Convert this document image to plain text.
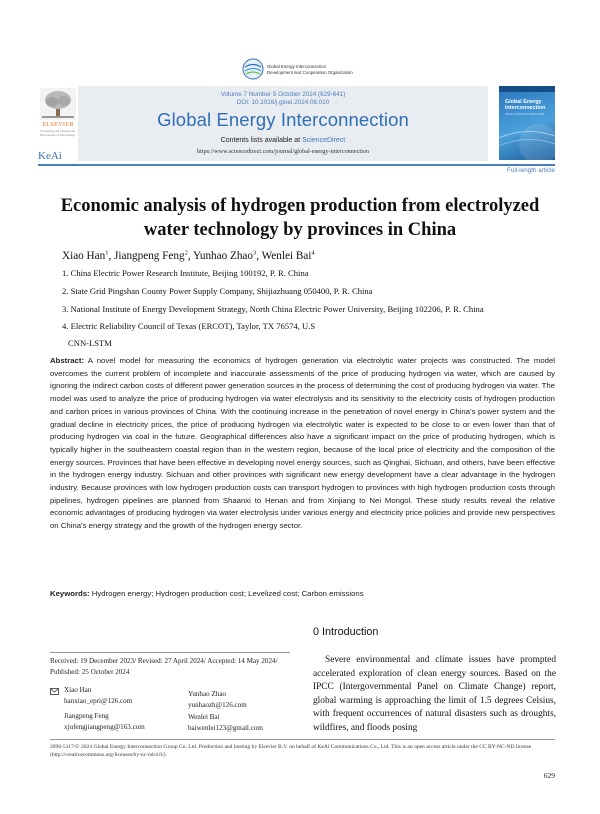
Global Energy Interconnection
Development and Cooperation Organization
ELSEVIER
Producing and Sharing the Discoveries of Knowledge
KeAi
Volume 7 Number 5 October 2024 (629-641)
DOI: 10.1016/j.gloei.2024.08.010
Global Energy Interconnection
Contents lists available at ScienceDirect
https://www.sciencedirect.com/journal/global-energy-interconnection
Global Energy Interconnection
Volume 7 Number 5 October 2024
Full-length article
Economic analysis of hydrogen production from electrolyzed water technology by provinces in China
Xiao Han$^1$, Jiangpeng Feng$^2$, Yunhao Zhao$^3$, Wenlei Bai$^4$
1. China Electric Power Research Institute, Beijing 100192, P. R. China
2. State Grid Pingshan County Power Supply Company, Shijiazhuang 050400, P. R. China
3. National Institute of Energy Development Strategy, North China Electric Power University, Beijing 102206, P. R. China
4. Electric Reliability Council of Texas (ERCOT), Taylor, TX 76574, U.S
CNN-LSTM
Abstract: A novel model for measuring the economics of hydrogen generation via electrolytic water projects was constructed. The model overcomes the current problem of incomplete and inaccurate assessments of the price of producing hydrogen via water, which are caused by ignoring the indirect carbon costs of different power generation sources in the process of determining the cost of producing hydrogen via water. The model was used to analyze the price of producing hydrogen via water electrolysis and its sensitivity to the electricity costs of hydrogen production and carbon prices in various provinces of China. With the continuing increase in the penetration of novel energy in China’s power system and the gradual decline in electricity prices, the price of producing hydrogen via electrolytic water is expected to be close to or even lower than that of producing hydrogen via coal in the future. Geographical differences also have a significant impact on the price of producing hydrogen, which is typically higher in the southeastern coastal region than in the western region, because of the local price of electricity and the composition of the energy sources. Provinces that have been effective in developing novel energy sources, such as Qinghai, Sichuan, and others, have been effective in the hydrogen energy industry. Sichuan and other provinces with significant new energy development have a clear advantage in the hydrogen industry. Because provinces with low hydrogen production costs can transport hydrogen to provinces with high hydrogen production costs through pipelines, hydrogen pipelines are planned from Shaanxi to Henan and from Xinjiang to Nei Mongol. These study results reveal the relative economic advantages of producing hydrogen via water electrolysis under various energy and electricity price policies and provide new perspectives on China’s energy strategy and the growth of the hydrogen energy sector.
Keywords: Hydrogen energy; Hydrogen production cost; Levelized cost; Carbon emissions
Received: 19 December 2023/ Revised: 27 April 2024/ Accepted: 14 May 2024/ Published: 25 October 2024
Xiao Han
hanxiao_epri@126.com
Yunhao Zhao
yunhaozh@126.com
Jiangpeng Feng
xjufengjiangpeng@163.com
Wenlei Bai
baiwenlei123@gmail.com
0 Introduction
Severe environmental and climate issues have prompted accelerated exploration of clean energy sources. Based on the IPCC (Intergovernmental Panel on Climate Change) report, global warming is approaching the limit of 1.5 degrees Celsius, with frequent occurrences of natural disasters such as droughts, wildfires, and floods posing
2096-5117/© 2024 Global Energy Interconnection Group Co. Ltd. Production and hosting by Elsevier B.V. on behalf of KeAi Communications Co., Ltd. This is an open access article under the CC BY-NC-ND license (http://creativecommons.org/licenses/by-nc-nd/4.0/).
629
